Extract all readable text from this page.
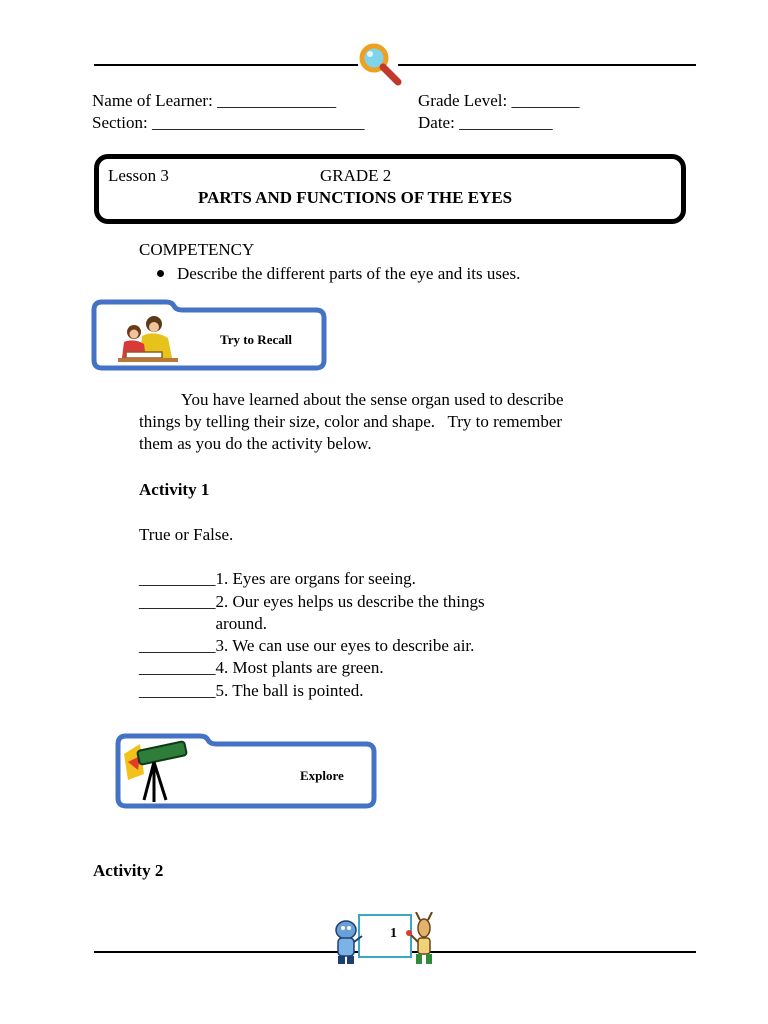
Name of Learner: ______________	Grade Level: ________
Section: _________________________	Date: ___________
Lesson 3	GRADE 2
PARTS AND FUNCTIONS OF THE EYES
COMPETENCY
Describe the different parts of the eye and its uses.
Try to Recall
You have learned about the sense organ used to describe
things by telling their size, color and shape.   Try to remember
them as you do the activity below.
Activity 1
True or False.
_________1. Eyes are organs for seeing.
_________2. Our eyes helps us describe the things
around.
_________3. We can use our eyes to describe air.
_________4. Most plants are green.
_________5. The ball is pointed.
Explore
Activity 2
1
